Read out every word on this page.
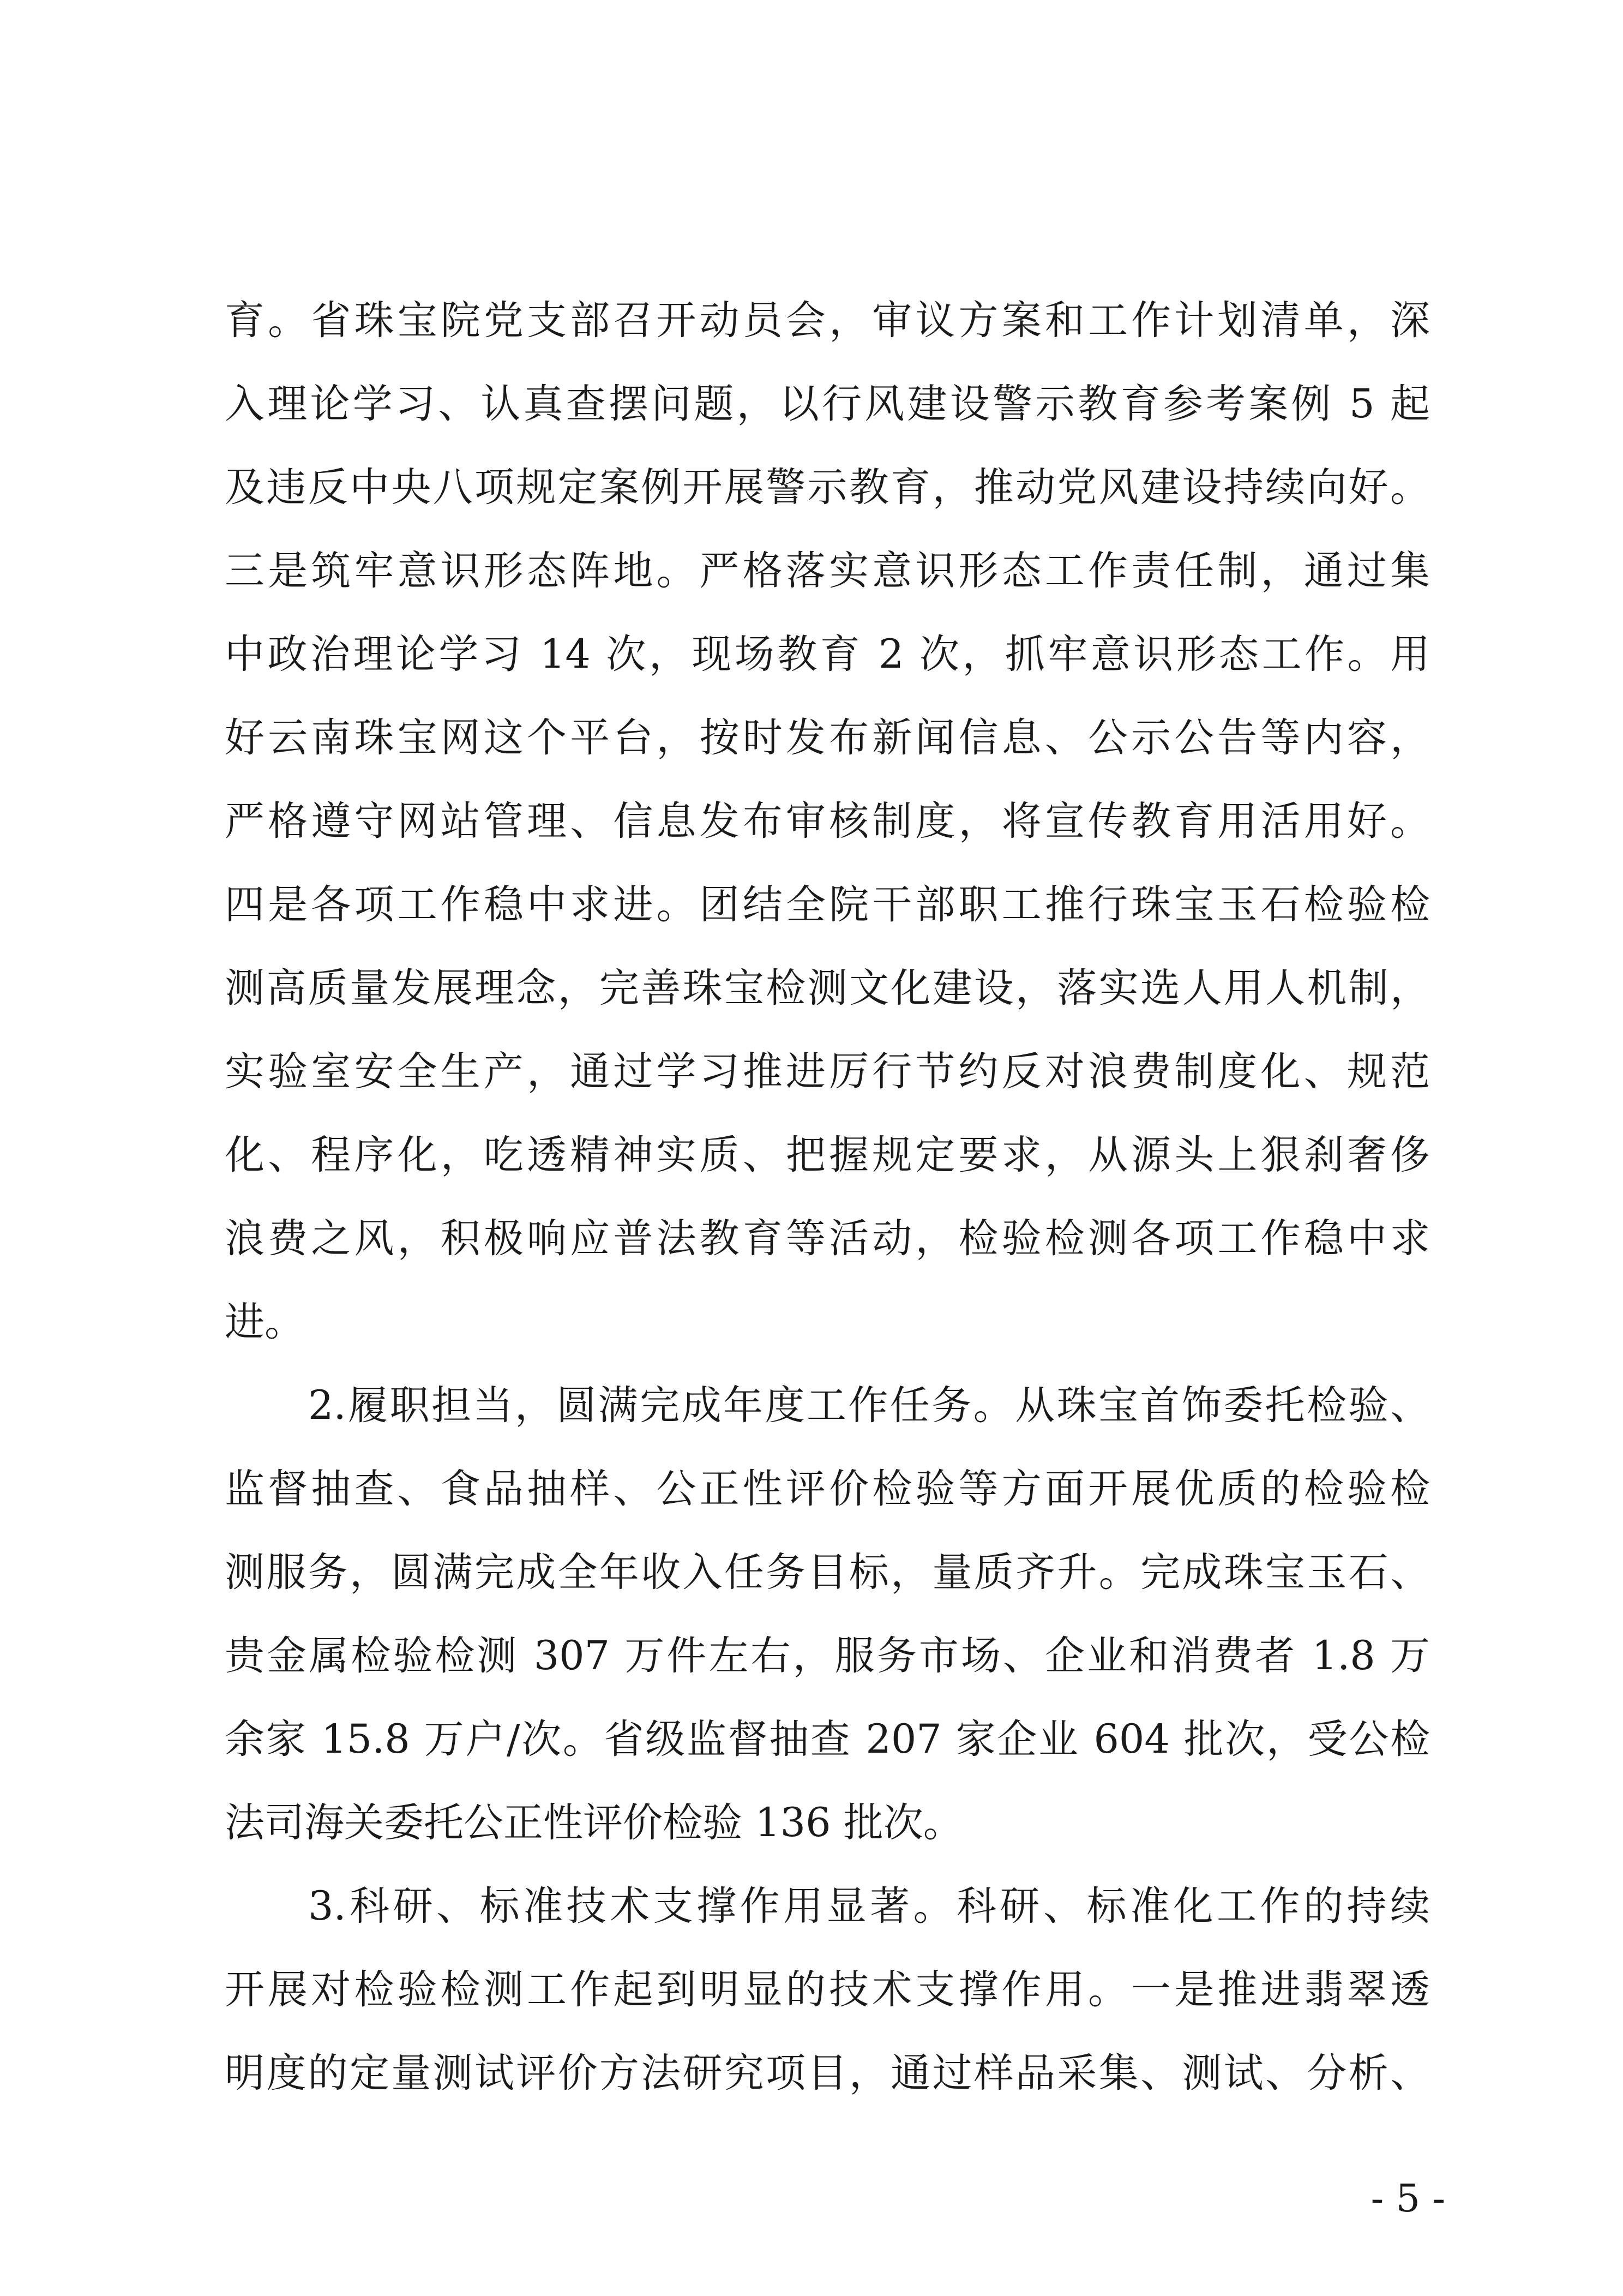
育。省珠宝院党支部召开动员会，审议方案和工作计划清单，深
入理论学习、认真查摆问题，以行风建设警示教育参考案例 5 起
及违反中央八项规定案例开展警示教育，推动党风建设持续向好。
三是筑牢意识形态阵地。严格落实意识形态工作责任制，通过集
中政治理论学习 14 次，现场教育 2 次，抓牢意识形态工作。用
好云南珠宝网这个平台，按时发布新闻信息、公示公告等内容，
严格遵守网站管理、信息发布审核制度，将宣传教育用活用好。
四是各项工作稳中求进。团结全院干部职工推行珠宝玉石检验检
测高质量发展理念，完善珠宝检测文化建设，落实选人用人机制，
实验室安全生产，通过学习推进厉行节约反对浪费制度化、规范
化、程序化，吃透精神实质、把握规定要求，从源头上狠刹奢侈
浪费之风，积极响应普法教育等活动，检验检测各项工作稳中求
进。
2.履职担当，圆满完成年度工作任务。从珠宝首饰委托检验、
监督抽查、食品抽样、公正性评价检验等方面开展优质的检验检
测服务，圆满完成全年收入任务目标，量质齐升。完成珠宝玉石、
贵金属检验检测 307 万件左右，服务市场、企业和消费者 1.8 万
余家 15.8 万户/次。省级监督抽查 207 家企业 604 批次，受公检
法司海关委托公正性评价检验 136 批次。
3.科研、标准技术支撑作用显著。科研、标准化工作的持续
开展对检验检测工作起到明显的技术支撑作用。一是推进翡翠透
明度的定量测试评价方法研究项目，通过样品采集、测试、分析、
- 5 -
